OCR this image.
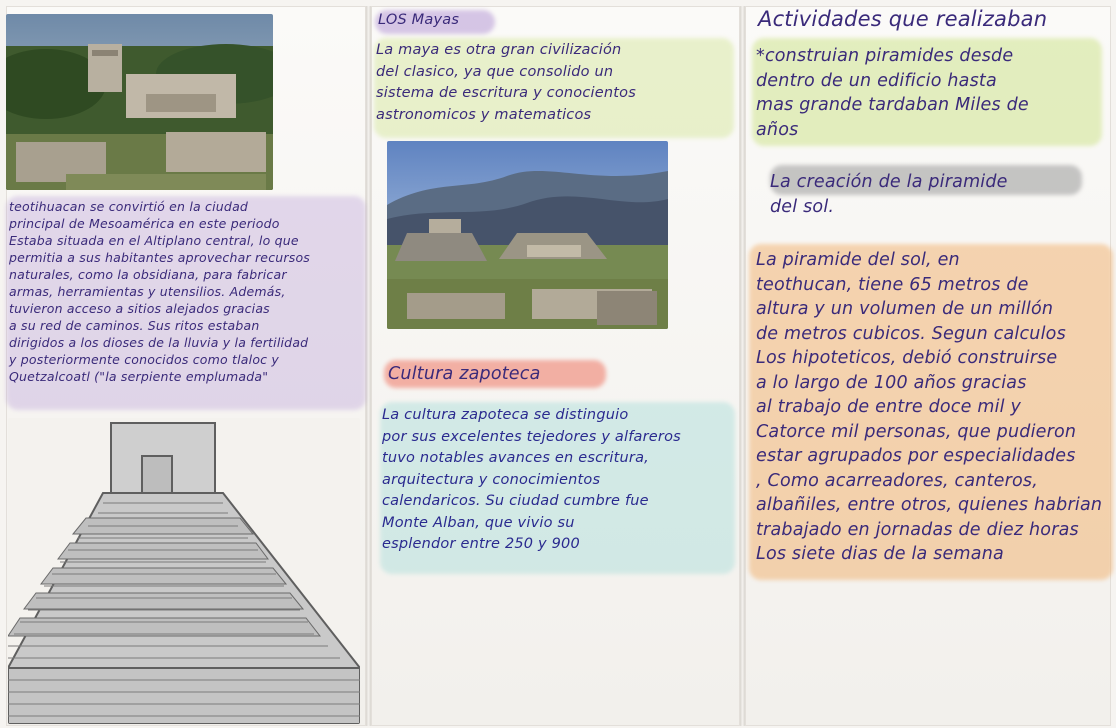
teotihuacan se convirtió en la ciudad
principal de Mesoamérica en este periodo
Estaba situada en el Altiplano central, lo que
permitia a sus habitantes aprovechar recursos
naturales, como la obsidiana, para fabricar
armas, herramientas y utensilios. Además,
tuvieron acceso a sitios alejados gracias
a su red de caminos. Sus ritos estaban
dirigidos a los dioses de la lluvia y la fertilidad
y posteriormente conocidos como tlaloc y
Quetzalcoatl ("la serpiente emplumada"
LOS Mayas
La maya es otra gran civilización
del clasico, ya que consolido un
sistema de escritura y conocientos
astronomicos y matematicos
Cultura zapoteca
La cultura zapoteca se distinguio
por sus excelentes tejedores y alfareros
tuvo notables avances en escritura,
arquitectura y conocimientos
calendaricos. Su ciudad cumbre fue
Monte Alban, que vivio su
esplendor entre 250 y 900
Actividades que realizaban
*construian piramides desde
dentro de un edificio hasta
mas grande tardaban Miles de
años
La creación de la piramide
del sol.
La piramide del sol, en
teothucan, tiene 65 metros de
altura y un volumen de un millón
de metros cubicos. Segun calculos
Los hipoteticos, debió construirse
a lo largo de 100 años gracias
al trabajo de entre doce mil y
Catorce mil personas, que pudieron
estar agrupados por especialidades
, Como acarreadores, canteros,
albañiles, entre otros, quienes habrian
trabajado en jornadas de diez horas
Los siete dias de la semana
